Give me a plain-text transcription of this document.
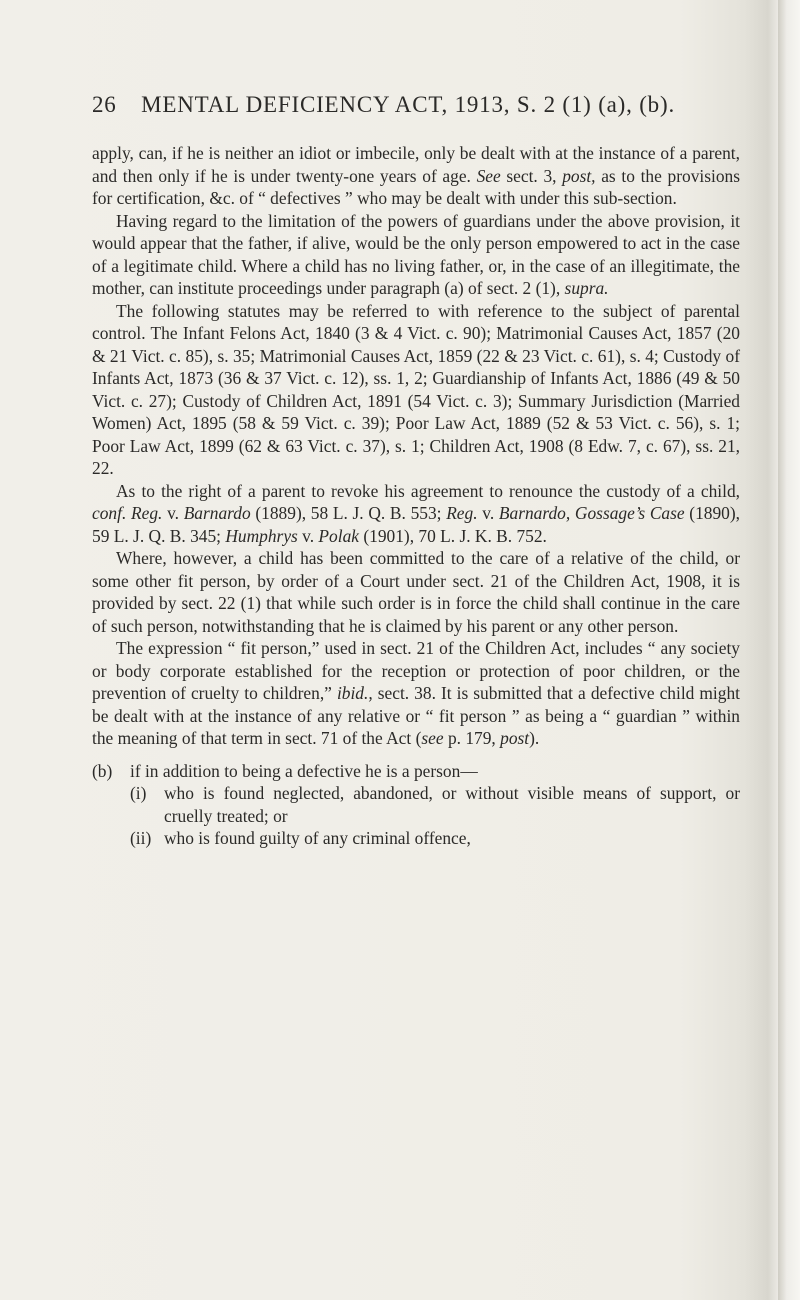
26 MENTAL DEFICIENCY ACT, 1913, S. 2 (1) (a), (b).

apply, can, if he is neither an idiot or imbecile, only be dealt with at the instance of a parent, and then only if he is under twenty-one years of age. See sect. 3, post, as to the provisions for certification, &c. of “ defectives ” who may be dealt with under this sub-section.

Having regard to the limitation of the powers of guardians under the above provision, it would appear that the father, if alive, would be the only person empowered to act in the case of a legitimate child. Where a child has no living father, or, in the case of an illegitimate, the mother, can institute proceedings under paragraph (a) of sect. 2 (1), supra.

The following statutes may be referred to with reference to the subject of parental control. The Infant Felons Act, 1840 (3 & 4 Vict. c. 90); Matrimonial Causes Act, 1857 (20 & 21 Vict. c. 85), s. 35; Matrimonial Causes Act, 1859 (22 & 23 Vict. c. 61), s. 4; Custody of Infants Act, 1873 (36 & 37 Vict. c. 12), ss. 1, 2; Guardianship of Infants Act, 1886 (49 & 50 Vict. c. 27); Custody of Children Act, 1891 (54 Vict. c. 3); Summary Jurisdiction (Married Women) Act, 1895 (58 & 59 Vict. c. 39); Poor Law Act, 1889 (52 & 53 Vict. c. 56), s. 1; Poor Law Act, 1899 (62 & 63 Vict. c. 37), s. 1; Children Act, 1908 (8 Edw. 7, c. 67), ss. 21, 22.

As to the right of a parent to revoke his agreement to renounce the custody of a child, conf. Reg. v. Barnardo (1889), 58 L. J. Q. B. 553; Reg. v. Barnardo, Gossage’s Case (1890), 59 L. J. Q. B. 345; Humphrys v. Polak (1901), 70 L. J. K. B. 752.

Where, however, a child has been committed to the care of a relative of the child, or some other fit person, by order of a Court under sect. 21 of the Children Act, 1908, it is provided by sect. 22 (1) that while such order is in force the child shall continue in the care of such person, notwithstanding that he is claimed by his parent or any other person.

The expression “ fit person,” used in sect. 21 of the Children Act, includes “ any society or body corporate established for the reception or protection of poor children, or the prevention of cruelty to children,” ibid., sect. 38. It is submitted that a defective child might be dealt with at the instance of any relative or “ fit person ” as being a “ guardian ” within the meaning of that term in sect. 71 of the Act (see p. 179, post).

(b)	if in addition to being a defective he is a person—
(i)	who is found neglected, abandoned, or without visible means of support, or cruelly treated; or
(ii) who is found guilty of any criminal offence,
